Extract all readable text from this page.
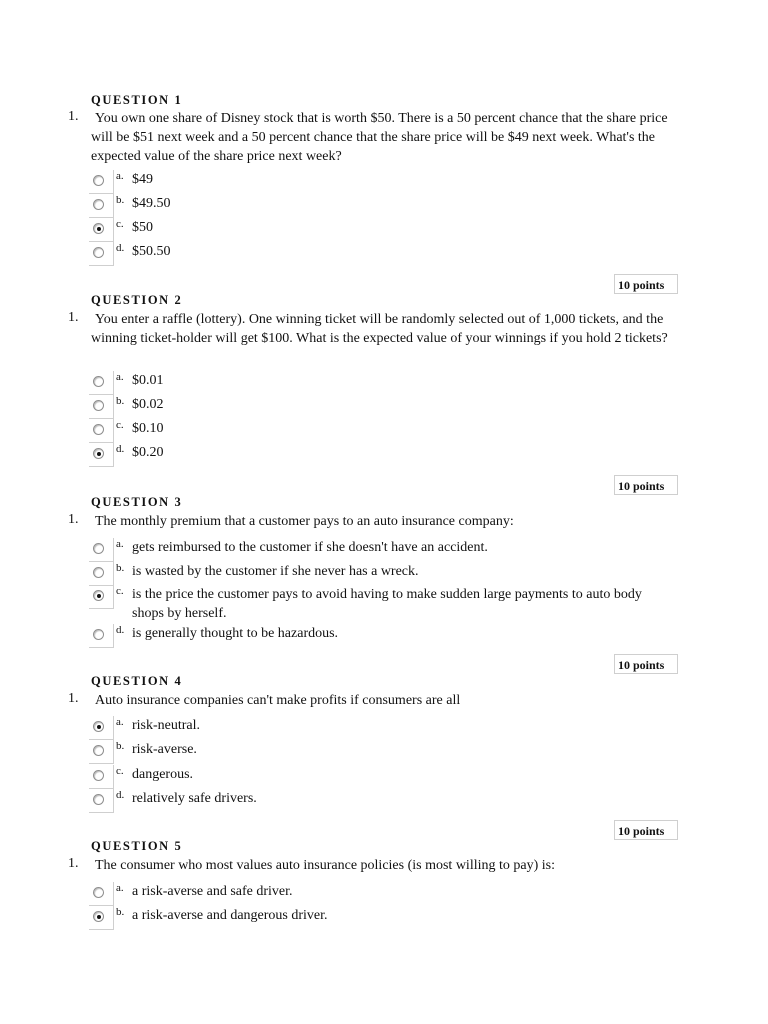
QUESTION 1
1. You own one share of Disney stock that is worth $50. There is a 50 percent chance that the share price will be $51 next week and a 50 percent chance that the share price will be $49 next week. What's the expected value of the share price next week?
a. $49
b. $49.50
c. $50
d. $50.50
10 points
QUESTION 2
1. You enter a raffle (lottery). One winning ticket will be randomly selected out of 1,000 tickets, and the winning ticket-holder will get $100. What is the expected value of your winnings if you hold 2 tickets?
a. $0.01
b. $0.02
c. $0.10
d. $0.20
10 points
QUESTION 3
1. The monthly premium that a customer pays to an auto insurance company:
a. gets reimbursed to the customer if she doesn't have an accident.
b. is wasted by the customer if she never has a wreck.
c. is the price the customer pays to avoid having to make sudden large payments to auto body shops by herself.
d. is generally thought to be hazardous.
10 points
QUESTION 4
1. Auto insurance companies can't make profits if consumers are all
a. risk-neutral.
b. risk-averse.
c. dangerous.
d. relatively safe drivers.
10 points
QUESTION 5
1. The consumer who most values auto insurance policies (is most willing to pay) is:
a. a risk-averse and safe driver.
b. a risk-averse and dangerous driver.
